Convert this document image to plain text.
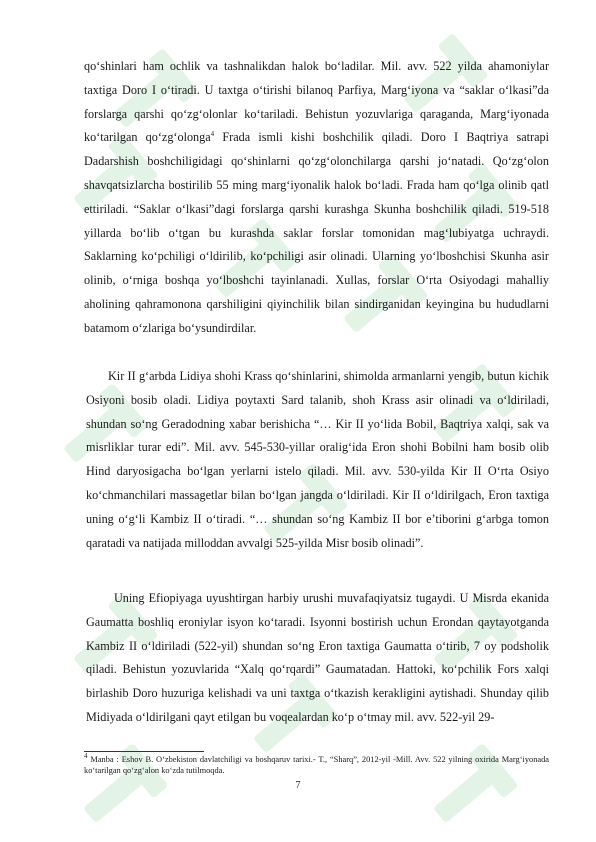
qo‘shinlari ham ochlik va tashnalikdan halok bo‘ladilar. Mil. avv. 522 yilda ahamoniylar taxtiga Doro I o‘tiradi. U taxtga o‘tirishi bilanoq Parfiya, Marg‘iyona va “saklar o‘lkasi”da forslarga qarshi qo‘zg‘olonlar ko‘tariladi. Behistun yozuvlariga qaraganda, Marg‘iyonada ko‘tarilgan qo‘zg‘olonga$^4$ Frada ismli kishi boshchilik qiladi. Doro I Baqtriya satrapi Dadarshish boshchiligidagi qo‘shinlarni qo‘zg‘olonchilarga qarshi jo‘natadi. Qo‘zg‘olon shavqatsizlarcha bostirilib 55 ming marg‘iyonalik halok bo‘ladi. Frada ham qo‘lga olinib qatl ettiriladi. “Saklar o‘lkasi”dagi forslarga qarshi kurashga Skunha boshchilik qiladi. 519-518 yillarda bo‘lib o‘tgan bu kurashda saklar forslar tomonidan mag‘lubiyatga uchraydi. Saklarning ko‘pchiligi o‘ldirilib, ko‘pchiligi asir olinadi. Ularning yo‘lboshchisi Skunha asir olinib, o‘rniga boshqa yo‘lboshchi tayinlanadi. Xullas, forslar O‘rta Osiyodagi mahalliy aholining qahramonona qarshiligini qiyinchilik bilan sindirganidan keyingina bu hududlarni batamom o‘zlariga bo‘ysundirdilar.

Kir II g‘arbda Lidiya shohi Krass qo‘shinlarini, shimolda armanlarni yengib, butun kichik Osiyoni bosib oladi. Lidiya poytaxti Sard talanib, shoh Krass asir olinadi va o‘ldiriladi, shundan so‘ng Geradodning xabar berishicha “… Kir II yo‘lida Bobil, Baqtriya xalqi, sak va misrliklar turar edi”. Mil. avv. 545-530-yillar oralig‘ida Eron shohi Bobilni ham bosib olib Hind daryosigacha bo‘lgan yerlarni istelo qiladi. Mil. avv. 530-yilda Kir II O‘rta Osiyo ko‘chmanchilari massagetlar bilan bo‘lgan jangda o‘ldiriladi. Kir II o‘ldirilgach, Eron taxtiga uning o‘g‘li Kambiz II o‘tiradi. “… shundan so‘ng Kambiz II bor e’tiborini g‘arbga tomon qaratadi va natijada milloddan avvalgi 525-yilda Misr bosib olinadi”.

Uning Efiopiyaga uyushtirgan harbiy urushi muvafaqiyatsiz tugaydi. U Misrda ekanida Gaumatta boshliq eroniylar isyon ko‘taradi. Isyonni bostirish uchun Erondan qaytayotganda Kambiz II o‘ldiriladi (522-yil) shundan so‘ng Eron taxtiga Gaumatta o‘tirib, 7 oy podsholik qiladi. Behistun yozuvlarida “Xalq qo‘rqardi” Gaumatadan. Hattoki, ko‘pchilik Fors xalqi birlashib Doro huzuriga kelishadi va uni taxtga o‘tkazish kerakligini aytishadi. Shunday qilib Midiyada o‘ldirilgani qayt etilgan bu voqealardan ko‘p o‘tmay mil. avv. 522-yil 29-

$^4$ Manba : Eshov B. O‘zbekiston davlatchiligi va boshqaruv tarixi.- T., “Sharq”, 2012-yil -Mill. Avv. 522 yilning oxirida Marg‘iyonada ko‘tarilgan qo‘zg‘alon ko‘zda tutilmoqda.

7
